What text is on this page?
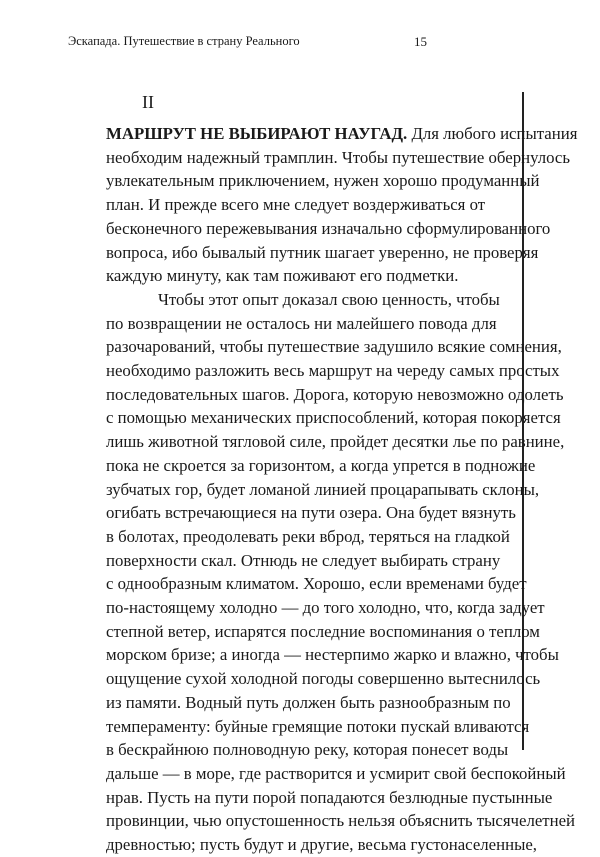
Эскапада. Путешествие в страну Реального	15
II
МАРШРУТ НЕ ВЫБИРАЮТ НАУГАД. Для любого испытания
необходим надежный трамплин. Чтобы путешествие обернулось
увлекательным приключением, нужен хорошо продуманный
план. И прежде всего мне следует воздерживаться от
бесконечного пережевывания изначально сформулированного
вопроса, ибо бывалый путник шагает уверенно, не проверяя
каждую минуту, как там поживают его подметки.
Чтобы этот опыт доказал свою ценность, чтобы
по возвращении не осталось ни малейшего повода для
разочарований, чтобы путешествие задушило всякие сомнения,
необходимо разложить весь маршрут на череду самых простых
последовательных шагов. Дорога, которую невозможно одолеть
с помощью механических приспособлений, которая покоряется
лишь животной тягловой силе, пройдет десятки лье по равнине,
пока не скроется за горизонтом, а когда упрется в подножие
зубчатых гор, будет ломаной линией процарапывать склоны,
огибать встречающиеся на пути озера. Она будет вязнуть
в болотах, преодолевать реки вброд, теряться на гладкой
поверхности скал. Отнюдь не следует выбирать страну
с однообразным климатом. Хорошо, если временами будет
по-настоящему холодно — до того холодно, что, когда задует
степной ветер, испарятся последние воспоминания о теплом
морском бризе; а иногда — нестерпимо жарко и влажно, чтобы
ощущение сухой холодной погоды совершенно вытеснилось
из памяти. Водный путь должен быть разнообразным по
темпераменту: буйные гремящие потоки пускай вливаются
в бескрайнюю полноводную реку, которая понесет воды
дальше — в море, где растворится и усмирит свой беспокойный
нрав. Пусть на пути порой попадаются безлюдные пустынные
провинции, чью опустошенность нельзя объяснить тысячелетней
древностью; пусть будут и другие, весьма густонаселенные,
